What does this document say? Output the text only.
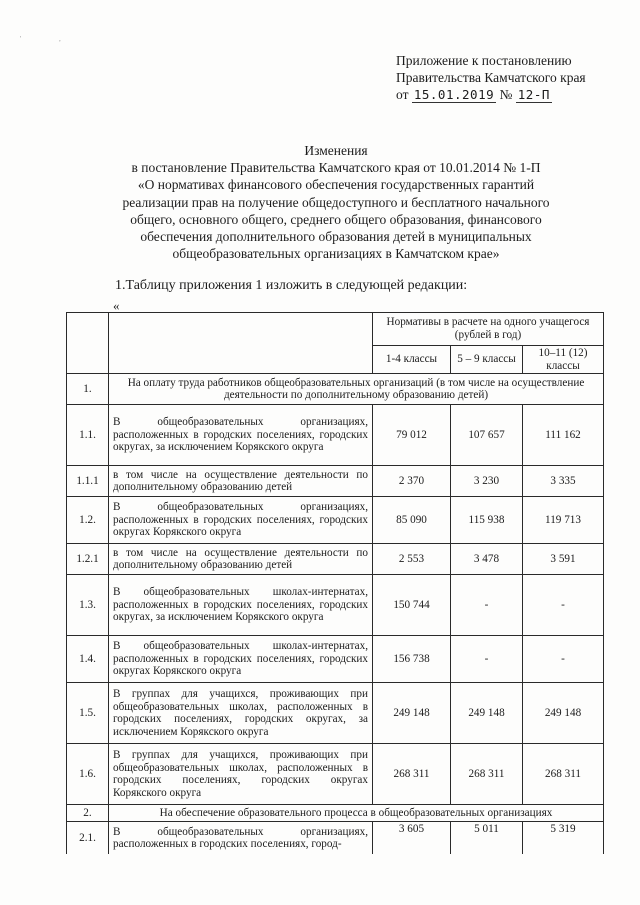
' ,
Приложение к постановлению
Правительства Камчатского края
от 15.01.2019 № 12-П
Изменения
в постановление Правительства Камчатского края от 10.01.2014 № 1-П
«О нормативах финансового обеспечения государственных гарантий
реализации прав на получение общедоступного и бесплатного начального
общего, основного общего, среднего общего образования, финансового
обеспечения дополнительного образования детей в муниципальных
общеобразовательных организациях в Камчатском крае»
1.Таблицу приложения 1 изложить в следующей редакции:
«
		Нормативы в расчете на одного учащегося (рублей в год)		
		1-4 классы	5 – 9 классы	10–11 (12) классы
1.	На оплату труда работников общеобразовательных организаций (в том числе на осуществление деятельности по дополнительному образованию детей)			
1.1.	В общеобразовательных организациях, расположенных в городских поселениях, городских округах, за исключением Корякского округа	79 012	107 657	111 162
1.1.1	в том числе на осуществление деятельности по дополнительному образованию детей	2 370	3 230	3 335
1.2.	В общеобразовательных организациях, расположенных в городских поселениях, городских округах Корякского округа	85 090	115 938	119 713
1.2.1	в том числе на осуществление деятельности по дополнительному образованию детей	2 553	3 478	3 591
1.3.	В общеобразовательных школах-интернатах, расположенных в городских поселениях, городских округах, за исключением Корякского округа	150 744	-	-
1.4.	В общеобразовательных школах-интернатах, расположенных в городских поселениях, городских округах Корякского округа	156 738	-	-
1.5.	В группах для учащихся, проживающих при общеобразовательных школах, расположенных в городских поселениях, городских округах, за исключением Корякского округа	249 148	249 148	249 148
1.6.	В группах для учащихся, проживающих при общеобразовательных школах, расположенных в городских поселениях, городских округах Корякского округа	268 311	268 311	268 311
2.	На обеспечение образовательного процесса в общеобразовательных организациях			
2.1.	В общеобразовательных организациях, расположенных в городских поселениях, город-	3 605	5 011	5 319
